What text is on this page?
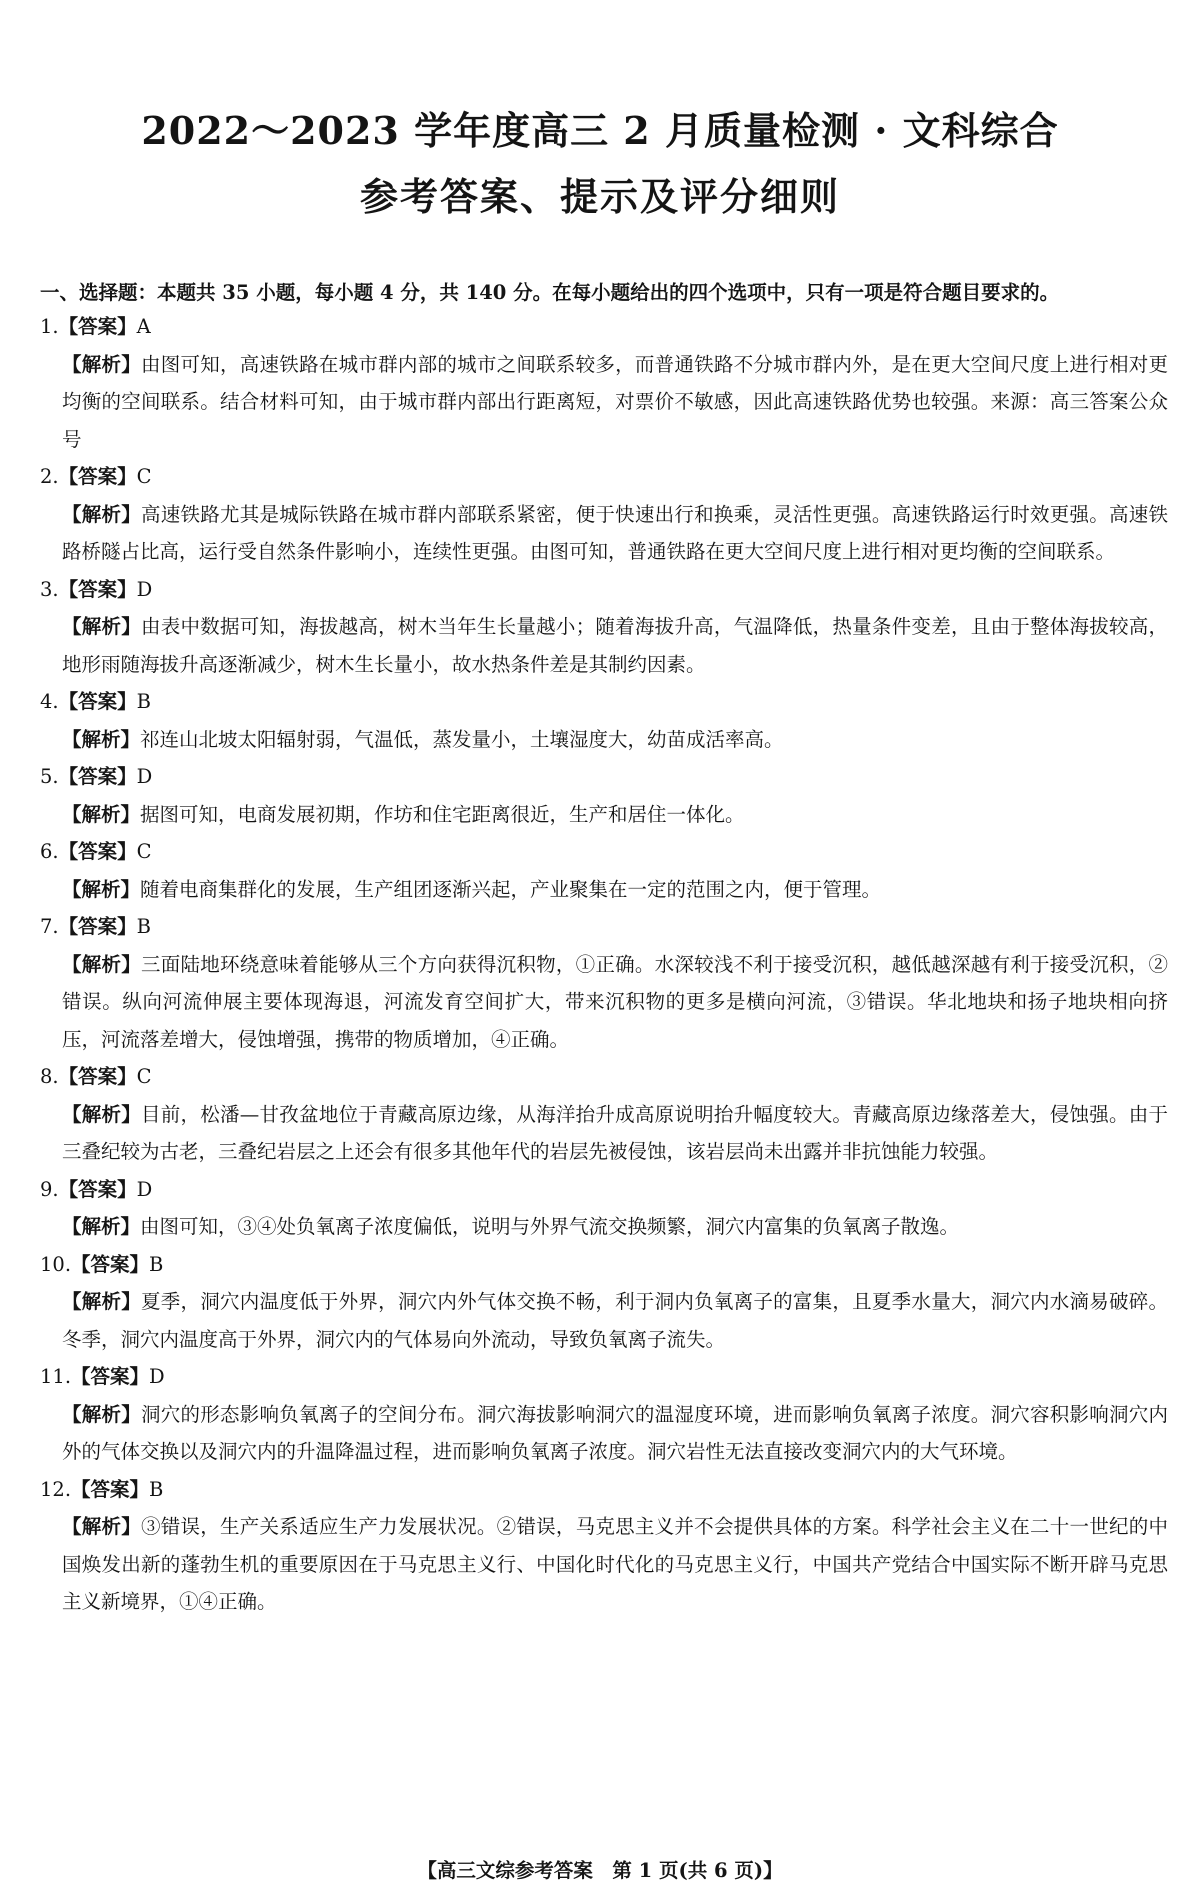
2022～2023 学年度高三 2 月质量检测 · 文科综合
参考答案、提示及评分细则
一、选择题：本题共 35 小题，每小题 4 分，共 140 分。在每小题给出的四个选项中，只有一项是符合题目要求的。
1.【答案】A
【解析】由图可知，高速铁路在城市群内部的城市之间联系较多，而普通铁路不分城市群内外，是在更大空间尺度上进行相对更均衡的空间联系。结合材料可知，由于城市群内部出行距离短，对票价不敏感，因此高速铁路优势也较强。来源：高三答案公众号
2.【答案】C
【解析】高速铁路尤其是城际铁路在城市群内部联系紧密，便于快速出行和换乘，灵活性更强。高速铁路运行时效更强。高速铁路桥隧占比高，运行受自然条件影响小，连续性更强。由图可知，普通铁路在更大空间尺度上进行相对更均衡的空间联系。
3.【答案】D
【解析】由表中数据可知，海拔越高，树木当年生长量越小；随着海拔升高，气温降低，热量条件变差，且由于整体海拔较高，地形雨随海拔升高逐渐减少，树木生长量小，故水热条件差是其制约因素。
4.【答案】B
【解析】祁连山北坡太阳辐射弱，气温低，蒸发量小，土壤湿度大，幼苗成活率高。
5.【答案】D
【解析】据图可知，电商发展初期，作坊和住宅距离很近，生产和居住一体化。
6.【答案】C
【解析】随着电商集群化的发展，生产组团逐渐兴起，产业聚集在一定的范围之内，便于管理。
7.【答案】B
【解析】三面陆地环绕意味着能够从三个方向获得沉积物，①正确。水深较浅不利于接受沉积，越低越深越有利于接受沉积，②错误。纵向河流伸展主要体现海退，河流发育空间扩大，带来沉积物的更多是横向河流，③错误。华北地块和扬子地块相向挤压，河流落差增大，侵蚀增强，携带的物质增加，④正确。
8.【答案】C
【解析】目前，松潘—甘孜盆地位于青藏高原边缘，从海洋抬升成高原说明抬升幅度较大。青藏高原边缘落差大，侵蚀强。由于三叠纪较为古老，三叠纪岩层之上还会有很多其他年代的岩层先被侵蚀，该岩层尚未出露并非抗蚀能力较强。
9.【答案】D
【解析】由图可知，③④处负氧离子浓度偏低，说明与外界气流交换频繁，洞穴内富集的负氧离子散逸。
10.【答案】B
【解析】夏季，洞穴内温度低于外界，洞穴内外气体交换不畅，利于洞内负氧离子的富集，且夏季水量大，洞穴内水滴易破碎。冬季，洞穴内温度高于外界，洞穴内的气体易向外流动，导致负氧离子流失。
11.【答案】D
【解析】洞穴的形态影响负氧离子的空间分布。洞穴海拔影响洞穴的温湿度环境，进而影响负氧离子浓度。洞穴容积影响洞穴内外的气体交换以及洞穴内的升温降温过程，进而影响负氧离子浓度。洞穴岩性无法直接改变洞穴内的大气环境。
12.【答案】B
【解析】③错误，生产关系适应生产力发展状况。②错误，马克思主义并不会提供具体的方案。科学社会主义在二十一世纪的中国焕发出新的蓬勃生机的重要原因在于马克思主义行、中国化时代化的马克思主义行，中国共产党结合中国实际不断开辟马克思主义新境界，①④正确。
【高三文综参考答案　第 1 页(共 6 页)】
